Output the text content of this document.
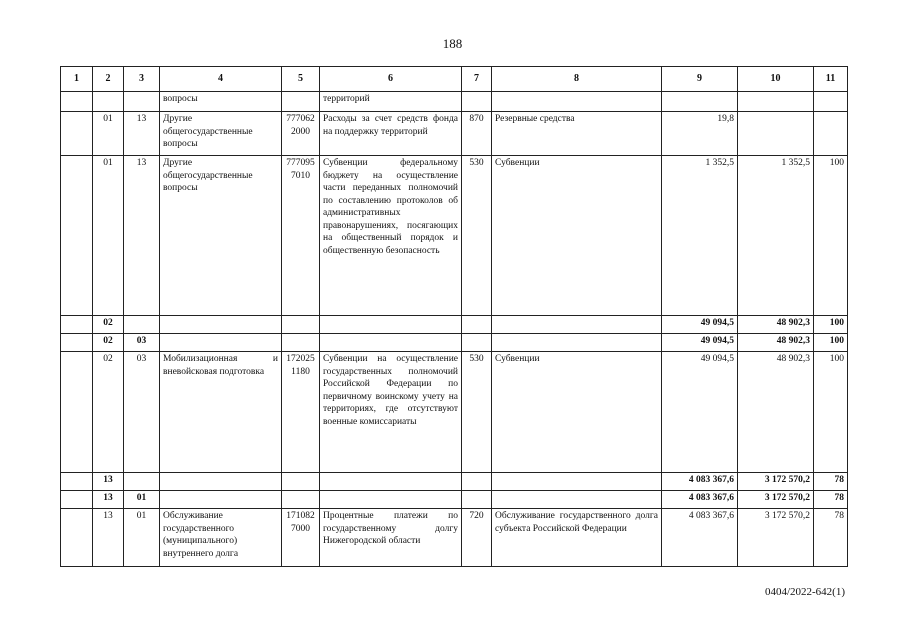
188
1	2	3	4	5	6	7	8	9	10	11
			вопросы		территорий					
	01	13	Другие общегосударственные вопросы	777062 2000	Расходы за счет средств фонда на поддержку территорий	870	Резервные средства	19,8		
	01	13	Другие общегосударственные вопросы	777095 7010	Субвенции федеральному бюджету на осуществление части переданных полномочий по составлению протоколов об административных правонарушениях, посягающих на общественный порядок и общественную безопасность	530	Субвенции	1 352,5	1 352,5	100
	02							49 094,5	48 902,3	100
	02	03						49 094,5	48 902,3	100
	02	03	Мобилизационная и вневойсковая подготовка	172025 1180	Субвенции на осуществление государственных полномочий Российской Федерации по первичному воинскому учету на территориях, где отсутствуют военные комиссариаты	530	Субвенции	49 094,5	48 902,3	100
	13							4 083 367,6	3 172 570,2	78
	13	01						4 083 367,6	3 172 570,2	78
	13	01	Обслуживание государственного (муниципального) внутреннего долга	171082 7000	Процентные платежи по государственному долгу Нижегородской области	720	Обслуживание государственного долга субъекта Российской Федерации	4 083 367,6	3 172 570,2	78
0404/2022-642(1)
